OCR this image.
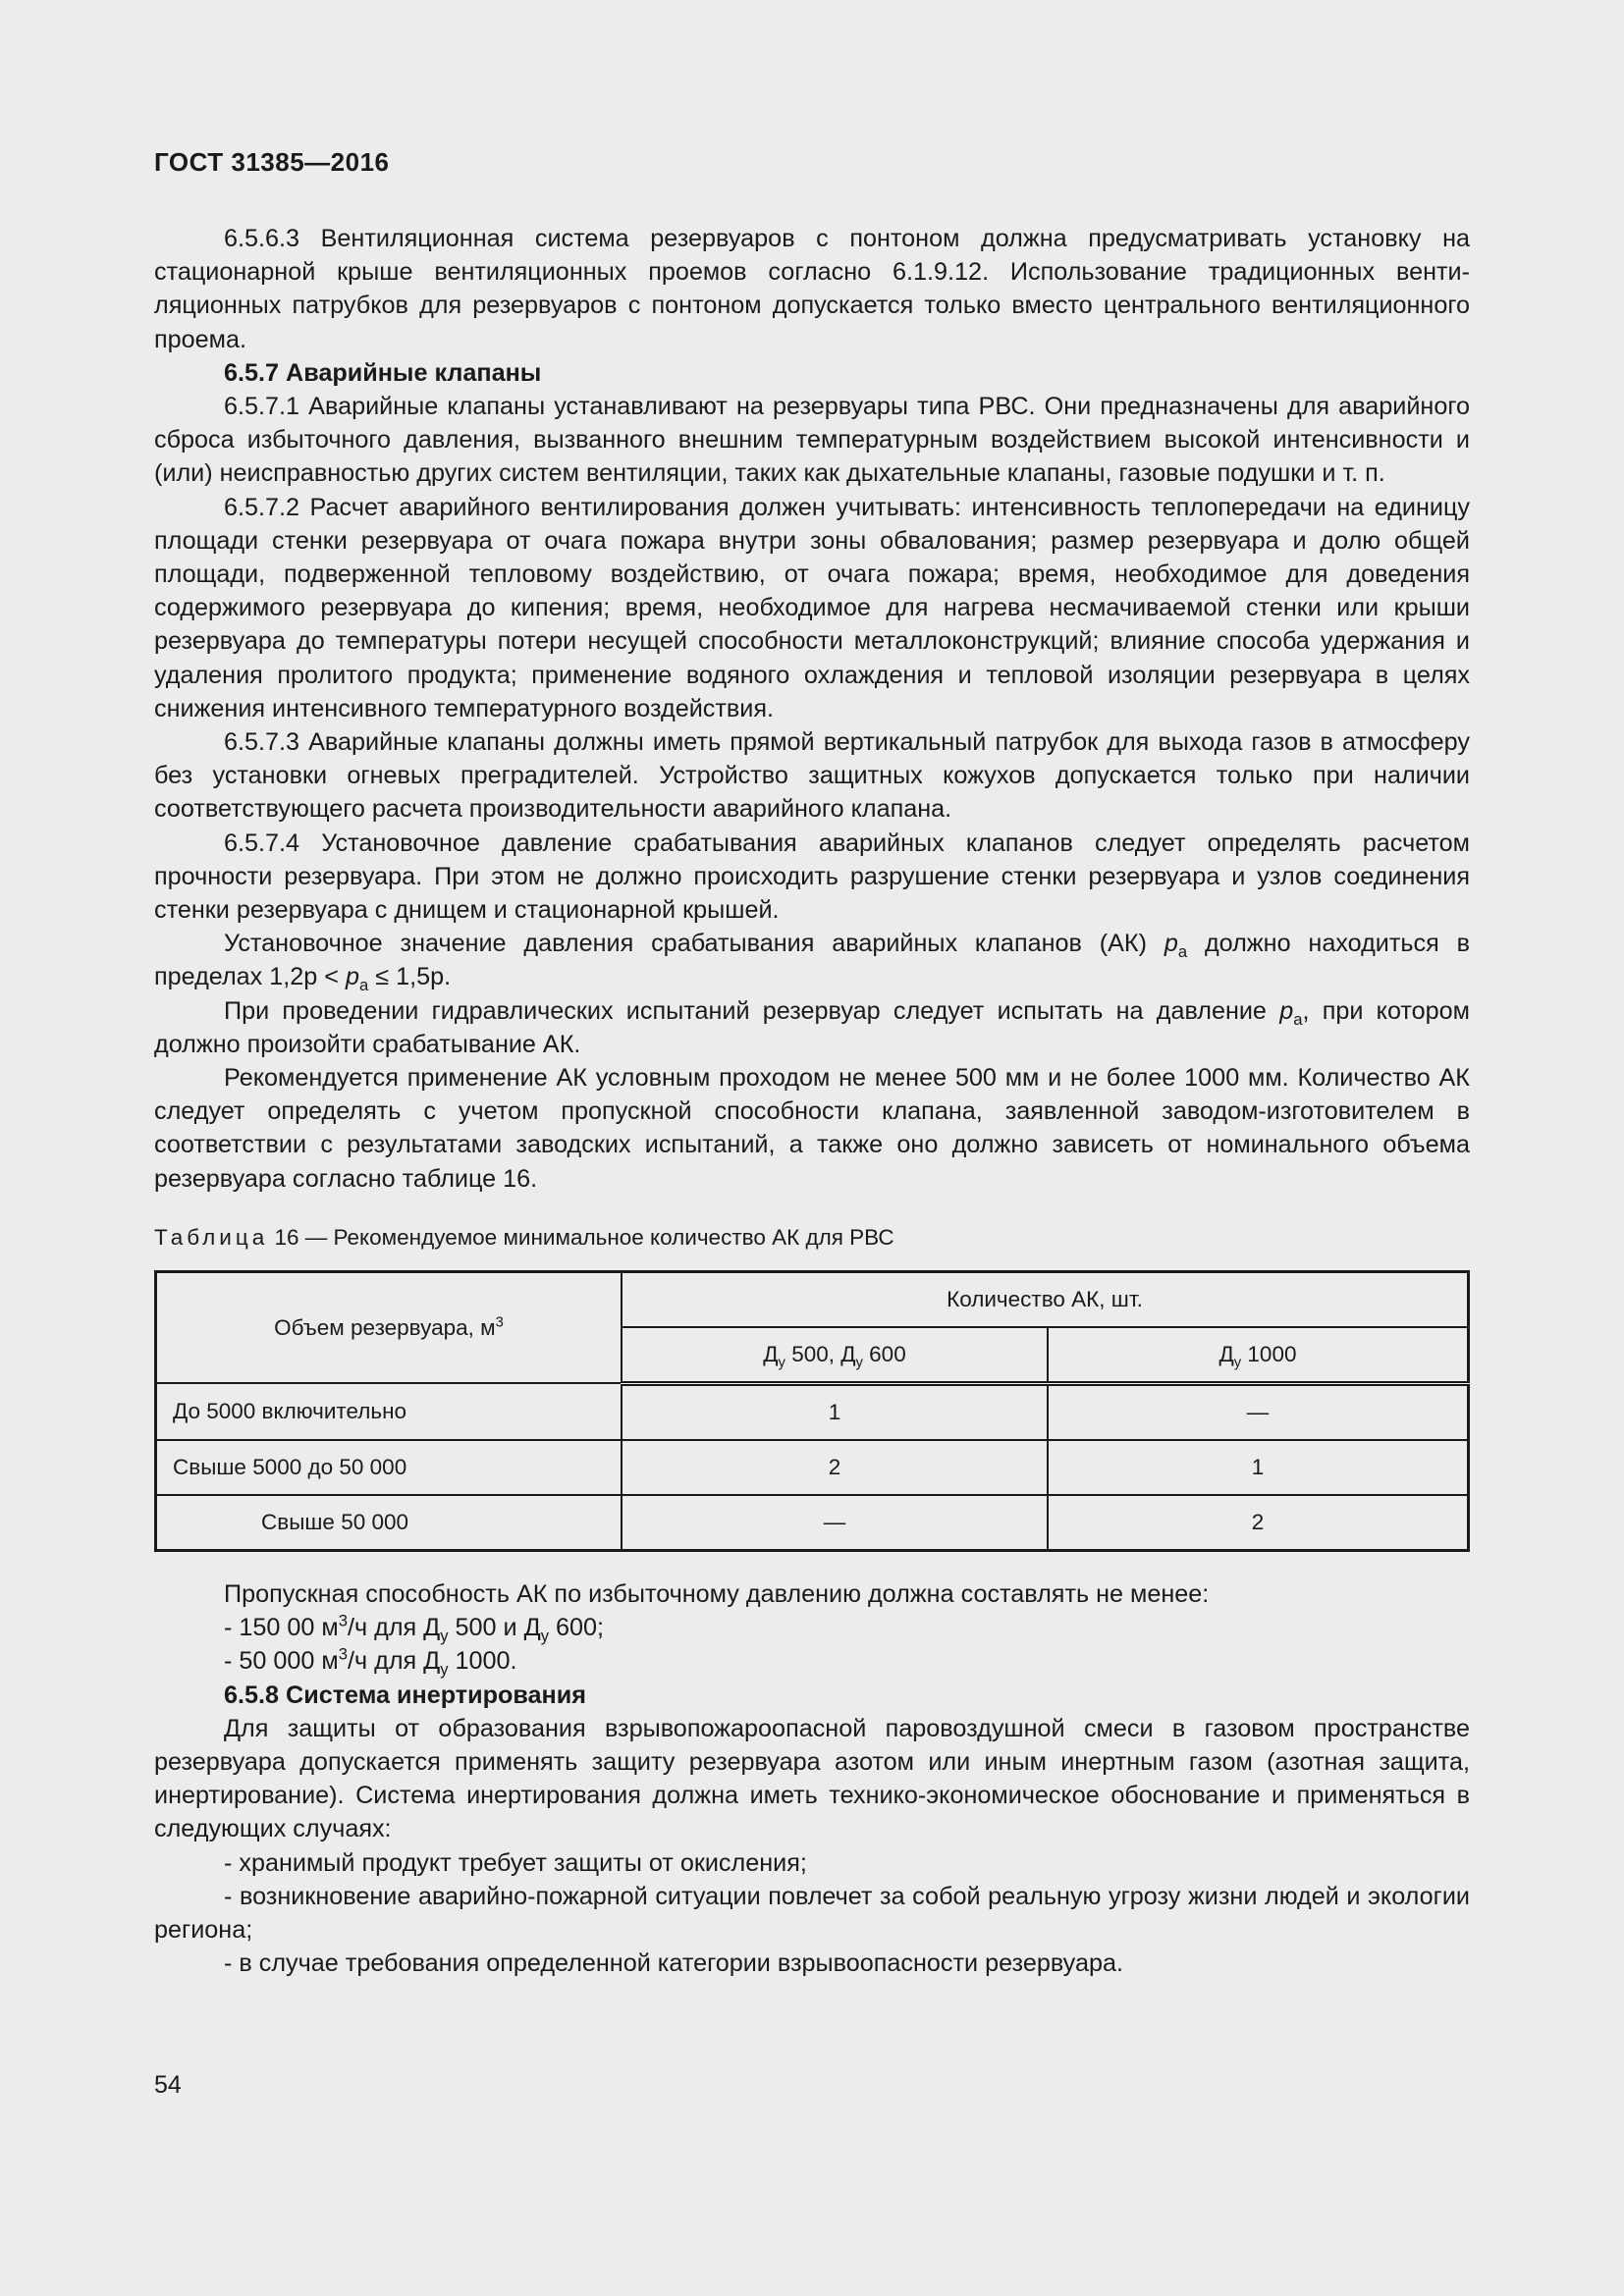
ГОСТ 31385—2016

6.5.6.3 Вентиляционная система резервуаров с понтоном должна предусматривать установку на стационарной крыше вентиляционных проемов согласно 6.1.9.12. Использование традиционных вентиляционных патрубков для резервуаров с понтоном допускается только вместо центрального вентиляционного проема.

6.5.7 Аварийные клапаны

6.5.7.1 Аварийные клапаны устанавливают на резервуары типа РВС. Они предназначены для аварийного сброса избыточного давления, вызванного внешним температурным воздействием высокой интенсивности и (или) неисправностью других систем вентиляции, таких как дыхательные клапаны, газовые подушки и т. п.

6.5.7.2 Расчет аварийного вентилирования должен учитывать: интенсивность теплопередачи на единицу площади стенки резервуара от очага пожара внутри зоны обвалования; размер резервуара и долю общей площади, подверженной тепловому воздействию, от очага пожара; время, необходимое для доведения содержимого резервуара до кипения; время, необходимое для нагрева несмачиваемой стенки или крыши резервуара до температуры потери несущей способности металлоконструкций; влияние способа удержания и удаления пролитого продукта; применение водяного охлаждения и тепловой изоляции резервуара в целях снижения интенсивного температурного воздействия.

6.5.7.3 Аварийные клапаны должны иметь прямой вертикальный патрубок для выхода газов в атмосферу без установки огневых преградителей. Устройство защитных кожухов допускается только при наличии соответствующего расчета производительности аварийного клапана.

6.5.7.4 Установочное давление срабатывания аварийных клапанов следует определять расчетом прочности резервуара. При этом не должно происходить разрушение стенки резервуара и узлов соединения стенки резервуара с днищем и стационарной крышей.

Установочное значение давления срабатывания аварийных клапанов (АК) $p_a$ должно находиться в пределах $1,2p < p_a \le 1,5p$.

При проведении гидравлических испытаний резервуар следует испытать на давление $p_a$, при котором должно произойти срабатывание АК.

Рекомендуется применение АК условным проходом не менее 500 мм и не более 1000 мм. Количество АК следует определять с учетом пропускной способности клапана, заявленной заводом-изготовителем в соответствии с результатами заводских испытаний, а также оно должно зависеть от номинального объема резервуара согласно таблице 16.

Таблица 16 — Рекомендуемое минимальное количество АК для РВС
Объем резервуара, $м^3$	Количество АК, шт.	
	$Д_у$ 500, $Д_у$ 600	$Д_у$ 1000
До 5000 включительно	1	—
Свыше 5000 до 50 000	2	1
Свыше 50 000	—	2

Пропускная способность АК по избыточному давлению должна составлять не менее:

- 150 00 $м^3/ч$ для $Д_у$ 500 и $Д_у$ 600;

- 50 000 $м^3/ч$ для $Д_у$ 1000.

6.5.8 Система инертирования

Для защиты от образования взрывопожароопасной паровоздушной смеси в газовом пространстве резервуара допускается применять защиту резервуара азотом или иным инертным газом (азотная защита, инертирование). Система инертирования должна иметь технико-экономическое обоснование и применяться в следующих случаях:

- хранимый продукт требует защиты от окисления;

- возникновение аварийно-пожарной ситуации повлечет за собой реальную угрозу жизни людей и экологии региона;

- в случае требования определенной категории взрывоопасности резервуара.

54
